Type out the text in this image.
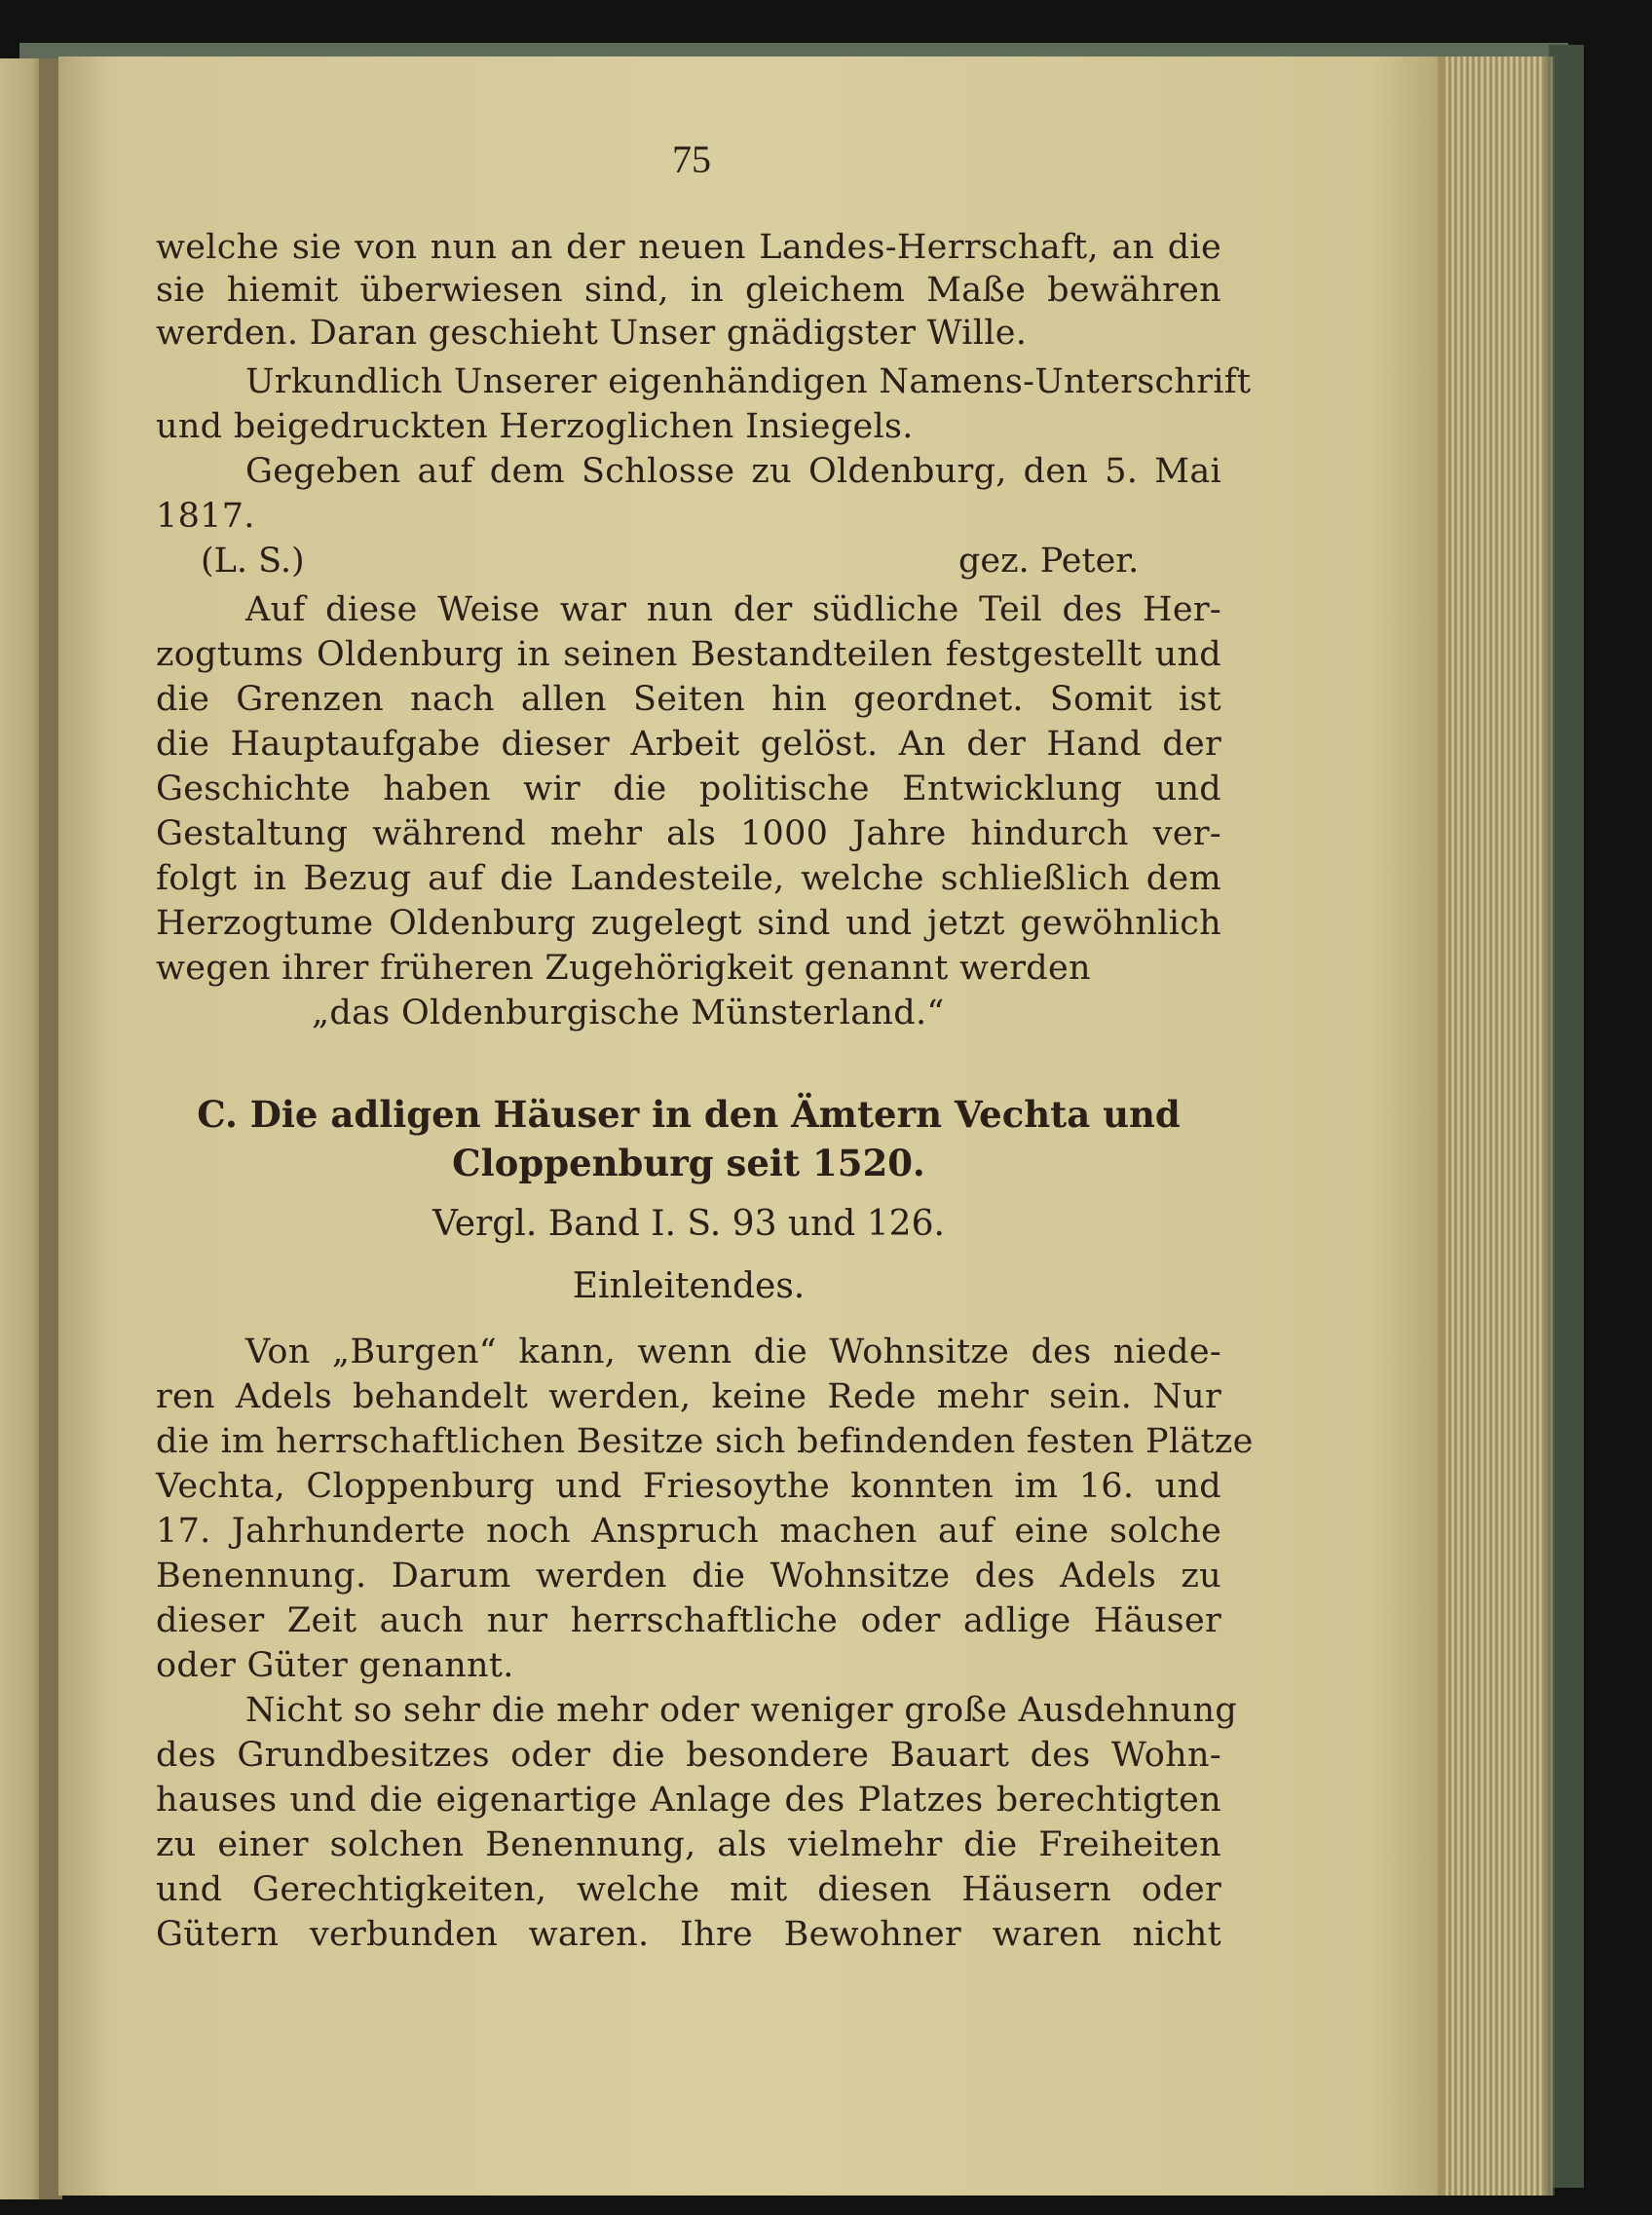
75
welche sie von nun an der neuen Landes-Herrschaft, an die
sie hiemit überwiesen sind, in gleichem Maße bewähren
werden. Daran geschieht Unser gnädigster Wille.
Urkundlich Unserer eigenhändigen Namens-Unterschrift
und beigedruckten Herzoglichen Insiegels.
Gegeben auf dem Schlosse zu Oldenburg, den 5. Mai
1817.
(L. S.)	gez. Peter.
Auf diese Weise war nun der südliche Teil des Her-
zogtums Oldenburg in seinen Bestandteilen festgestellt und
die Grenzen nach allen Seiten hin geordnet. Somit ist
die Hauptaufgabe dieser Arbeit gelöst. An der Hand der
Geschichte haben wir die politische Entwicklung und
Gestaltung während mehr als 1000 Jahre hindurch ver-
folgt in Bezug auf die Landesteile, welche schließlich dem
Herzogtume Oldenburg zugelegt sind und jetzt gewöhnlich
wegen ihrer früheren Zugehörigkeit genannt werden
„das Oldenburgische Münsterland.“
C. Die adligen Häuser in den Ämtern Vechta und
Cloppenburg seit 1520.
Vergl. Band I. S. 93 und 126.
Einleitendes.
Von „Burgen“ kann, wenn die Wohnsitze des niede-
ren Adels behandelt werden, keine Rede mehr sein. Nur
die im herrschaftlichen Besitze sich befindenden festen Plätze
Vechta, Cloppenburg und Friesoythe konnten im 16. und
17. Jahrhunderte noch Anspruch machen auf eine solche
Benennung. Darum werden die Wohnsitze des Adels zu
dieser Zeit auch nur herrschaftliche oder adlige Häuser
oder Güter genannt.
Nicht so sehr die mehr oder weniger große Ausdehnung
des Grundbesitzes oder die besondere Bauart des Wohn-
hauses und die eigenartige Anlage des Platzes berechtigten
zu einer solchen Benennung, als vielmehr die Freiheiten
und Gerechtigkeiten, welche mit diesen Häusern oder
Gütern verbunden waren. Ihre Bewohner waren nicht
